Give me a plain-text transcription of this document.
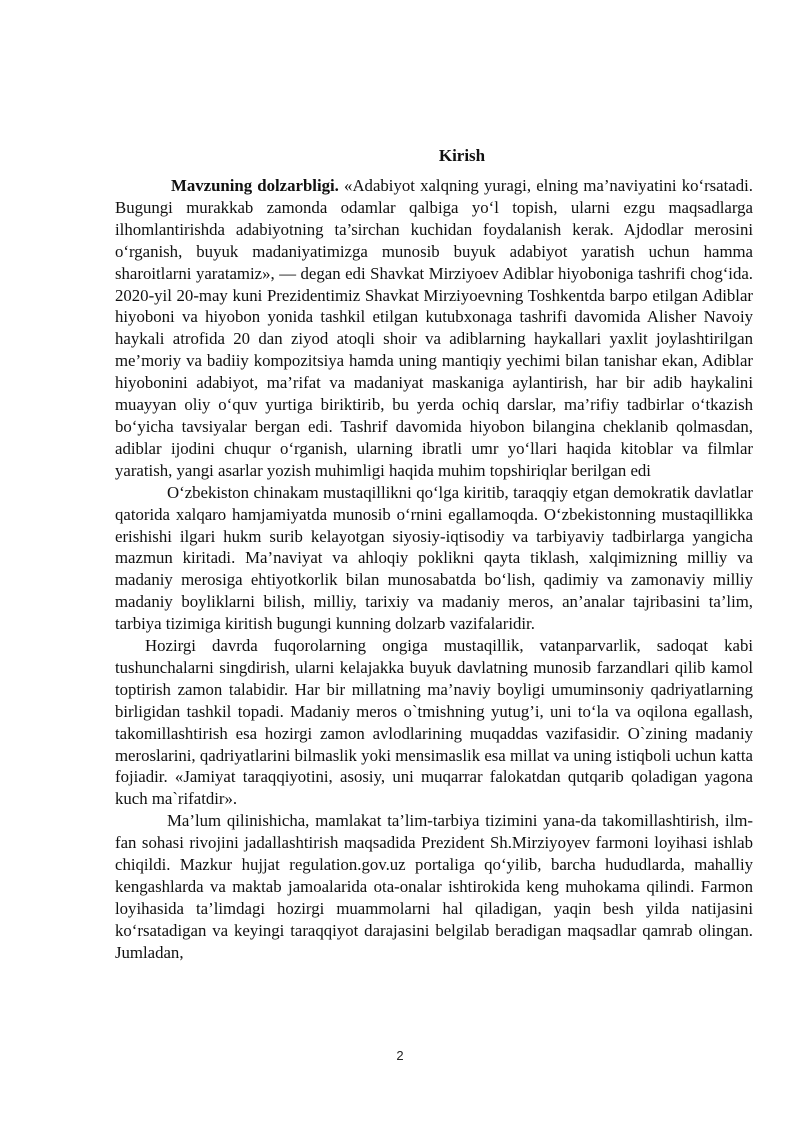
Kirish

Mavzuning dolzarbligi. «Adabiyot xalqning yuragi, elning ma’naviyatini ko‘rsatadi. Bugungi murakkab zamonda odamlar qalbiga yo‘l topish, ularni ezgu maqsadlarga ilhomlantirishda adabiyotning ta’sirchan kuchidan foydalanish kerak. Ajdodlar merosini o‘rganish, buyuk madaniyatimizga munosib buyuk adabiyot yaratish uchun hamma sharoitlarni yaratamiz», — degan edi Shavkat Mirziyoev Adiblar hiyoboniga tashrifi chog‘ida. 2020-yil 20-may kuni Prezidentimiz Shavkat Mirziyoevning Toshkentda barpo etilgan Adiblar hiyoboni va hiyobon yonida tashkil etilgan kutubxonaga tashrifi davomida Alisher Navoiy haykali atrofida 20 dan ziyod atoqli shoir va adiblarning haykallari yaxlit joylashtirilgan me’moriy va badiiy kompozitsiya hamda uning mantiqiy yechimi bilan tanishar ekan, Adiblar hiyobonini adabiyot, ma’rifat va madaniyat maskaniga aylantirish, har bir adib haykalini muayyan oliy o‘quv yurtiga biriktirib, bu yerda ochiq darslar, ma’rifiy tadbirlar o‘tkazish bo‘yicha tavsiyalar bergan edi. Tashrif davomida hiyobon bilangina cheklanib qolmasdan, adiblar ijodini chuqur o‘rganish, ularning ibratli umr yo‘llari haqida kitoblar va filmlar yaratish, yangi asarlar yozish muhimligi haqida muhim topshiriqlar berilgan edi

O‘zbekiston chinakam mustaqillikni qo‘lga kiritib, taraqqiy etgan demokratik davlatlar qatorida xalqaro hamjamiyatda munosib o‘rnini egallamoqda. O‘zbekistonning mustaqillikka erishishi ilgari hukm surib kelayotgan siyosiy-iqtisodiy va tarbiyaviy tadbirlarga yangicha mazmun kiritadi. Ma’naviyat va ahloqiy poklikni qayta tiklash, xalqimizning milliy va madaniy merosiga ehtiyotkorlik bilan munosabatda bo‘lish, qadimiy va zamonaviy milliy madaniy boyliklarni bilish, milliy, tarixiy va madaniy meros, an’analar tajribasini ta’lim, tarbiya tizimiga kiritish bugungi kunning dolzarb vazifalaridir.

Hozirgi davrda fuqorolarning ongiga mustaqillik, vatanparvarlik, sadoqat kabi tushunchalarni singdirish, ularni kelajakka buyuk davlatning munosib farzandlari qilib kamol toptirish zamon talabidir. Har bir millatning ma’naviy boyligi umuminsoniy qadriyatlarning birligidan tashkil topadi. Madaniy meros o`tmishning yutug’i, uni to‘la va oqilona egallash, takomillashtirish esa hozirgi zamon avlodlarining muqaddas vazifasidir. O`zining madaniy meroslarini, qadriyatlarini bilmaslik yoki mensimaslik esa millat va uning istiqboli uchun katta fojiadir. «Jamiyat taraqqiyotini, asosiy, uni muqarrar falokatdan qutqarib qoladigan yagona kuch ma`rifatdir».

Ma’lum qilinishicha, mamlakat ta’lim-tarbiya tizimini yana-da takomillashtirish, ilm-fan sohasi rivojini jadallashtirish maqsadida Prezident Sh.Mirziyoyev farmoni loyihasi ishlab chiqildi. Mazkur hujjat regulation.gov.uz portaliga qo‘yilib, barcha hududlarda, mahalliy kengashlarda va maktab jamoalarida ota-onalar ishtirokida keng muhokama qilindi. Farmon loyihasida ta’limdagi hozirgi muammolarni hal qiladigan, yaqin besh yilda natijasini ko‘rsatadigan va keyingi taraqqiyot darajasini belgilab beradigan maqsadlar qamrab olingan. Jumladan,

2
